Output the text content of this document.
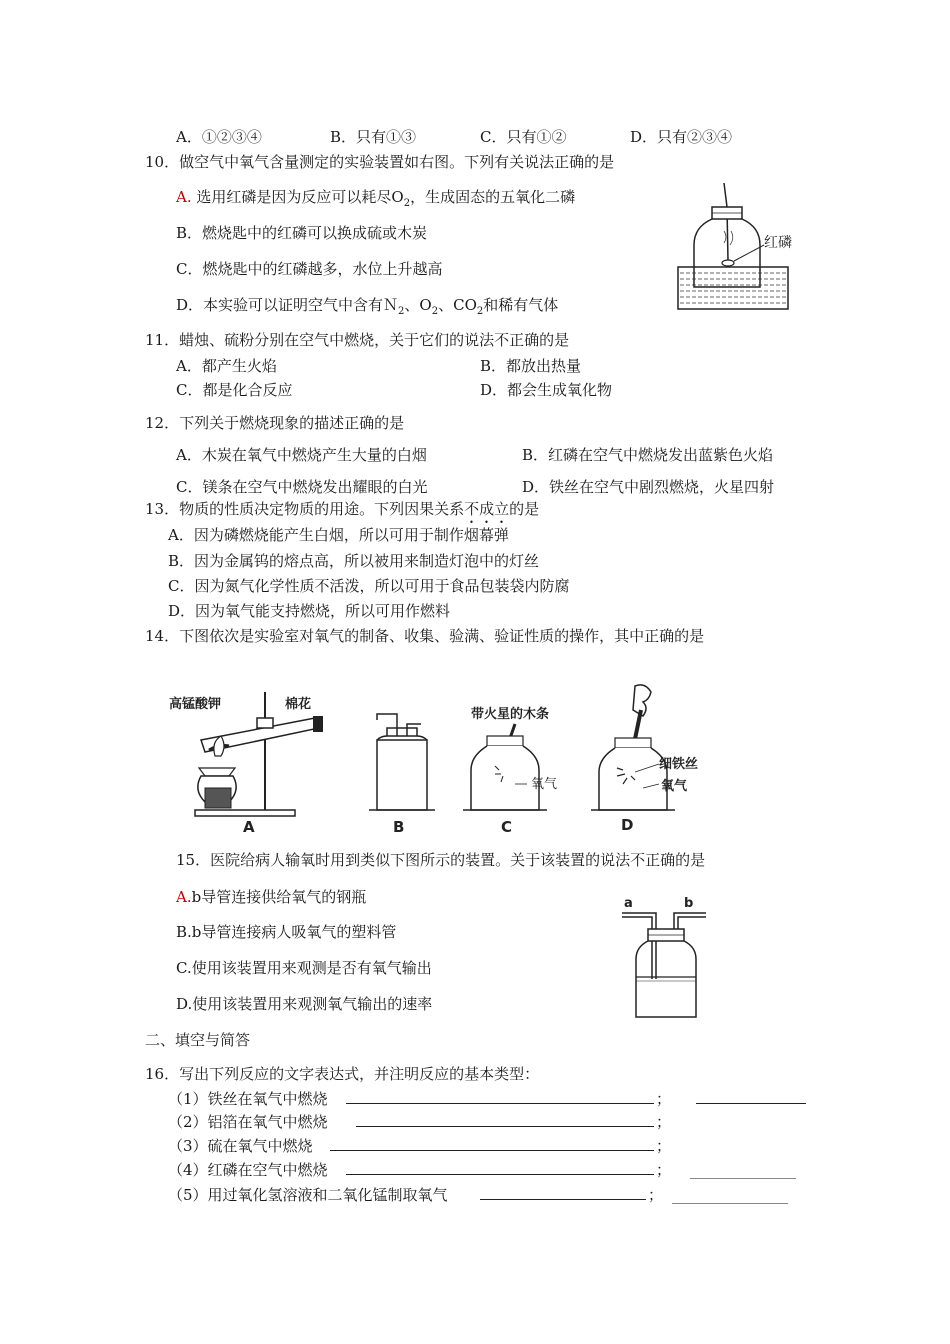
A．①②③④	B．只有①③	C．只有①②	D．只有②③④
10．做空气中氧气含量测定的实验装置如右图。下列有关说法正确的是
A. 选用红磷是因为反应可以耗尽$O_2$，生成固态的五氧化二磷
B．燃烧匙中的红磷可以换成硫或木炭
C．燃烧匙中的红磷越多，水位上升越高
D．本实验可以证明空气中含有Ｎ$_2$、$O_2$、$CO_2$和稀有气体
红磷
11．蜡烛、硫粉分别在空气中燃烧，关于它们的说法不正确的是
A．都产生火焰	B．都放出热量
C．都是化合反应	D．都会生成氧化物
12．下列关于燃烧现象的描述正确的是
A．木炭在氧气中燃烧产生大量的白烟	B．红磷在空气中燃烧发出蓝紫色火焰
C．镁条在空气中燃烧发出耀眼的白光	D．铁丝在空气中剧烈燃烧，火星四射
13．物质的性质决定物质的用途。下列因果关系不成立的是
A．因为磷燃烧能产生白烟，所以可用于制作烟幕弹
B．因为金属钨的熔点高，所以被用来制造灯泡中的灯丝
C．因为氮气化学性质不活泼，所以可用于食品包装袋内防腐
D．因为氧气能支持燃烧，所以可用作燃料
14．下图依次是实验室对氧气的制备、收集、验满、验证性质的操作，其中正确的是
高锰酸钾	棉花
A	B
带火星的木条
氧气
C
细铁丝
氧气
D
15．医院给病人输氧时用到类似下图所示的装置。关于该装置的说法不正确的是
A.b导管连接供给氧气的钢瓶
B.b导管连接病人吸氧气的塑料管
C.使用该装置用来观测是否有氧气输出
D.使用该装置用来观测氧气输出的速率
a	b
二、填空与简答
16．写出下列反应的文字表达式，并注明反应的基本类型：
（1）铁丝在氧气中燃烧	；
（2）铝箔在氧气中燃烧	；
（3）硫在氧气中燃烧	；
（4）红磷在空气中燃烧	；
（5）用过氧化氢溶液和二氧化锰制取氧气	；
